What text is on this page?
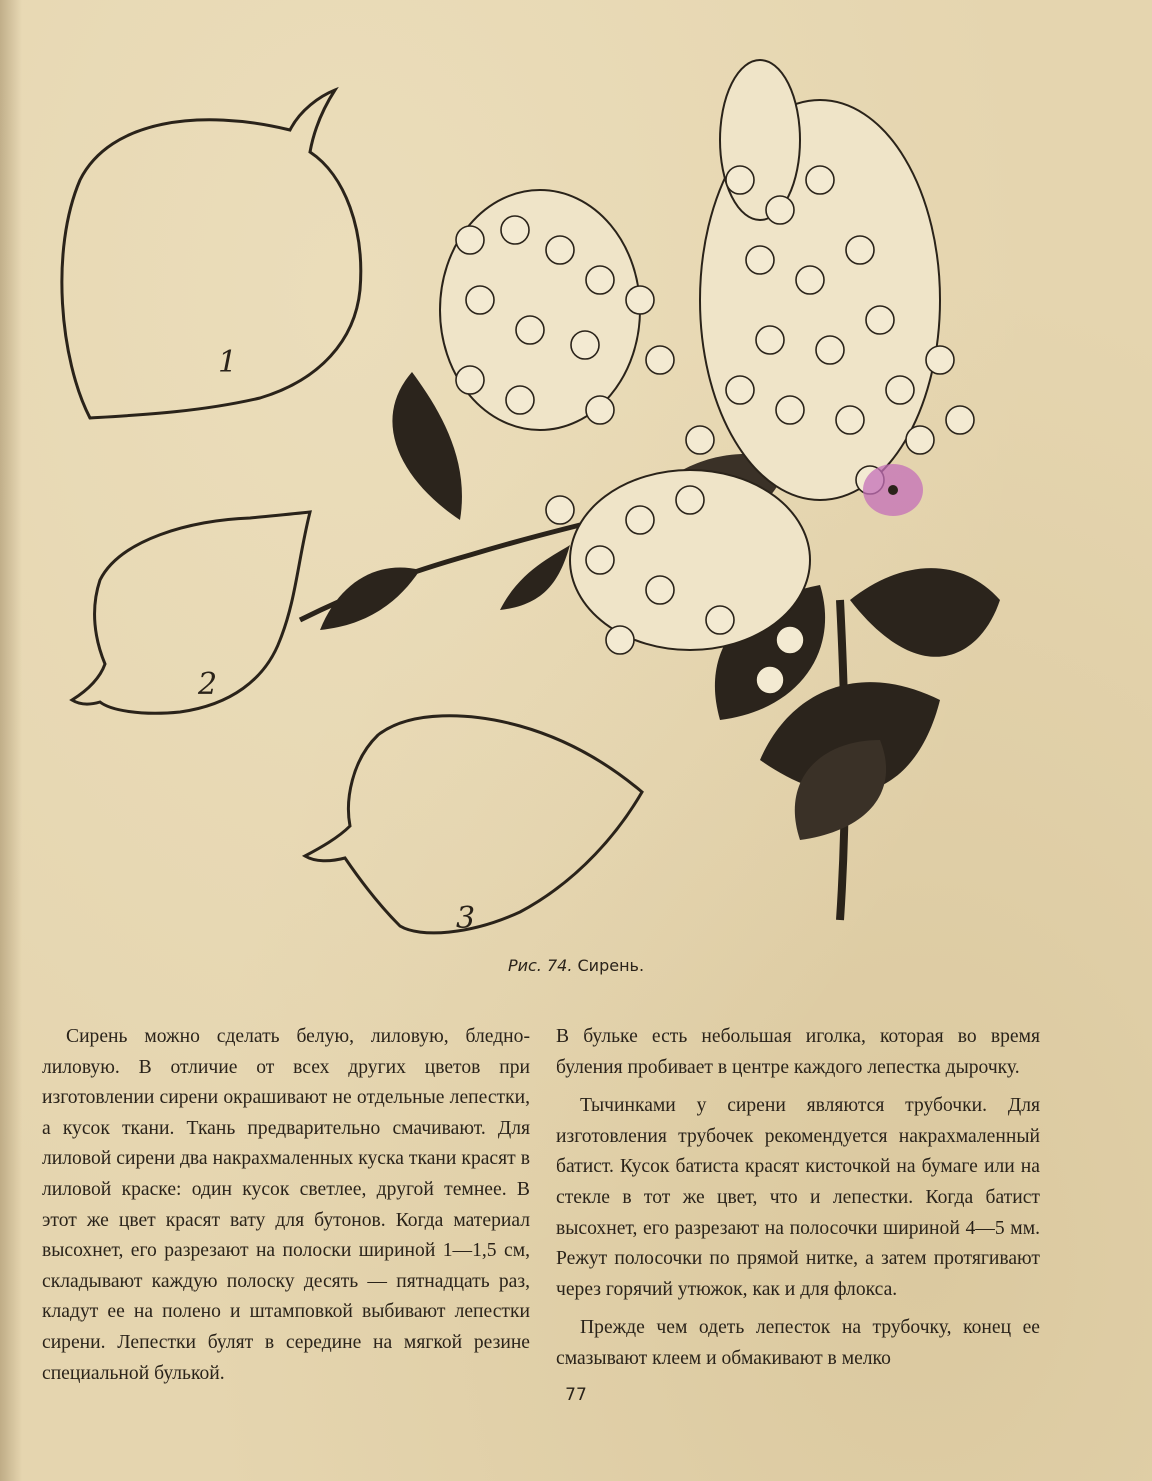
1
2
3
Рис. 74. Сирень.

Сирень можно сделать белую, лиловую, бледно-лиловую. В отличие от всех других цветов при изготовлении сирени окрашивают не отдельные лепестки, а кусок ткани. Ткань предварительно смачивают. Для лиловой сирени два накрахмаленных куска ткани красят в лиловой краске: один кусок светлее, другой темнее. В этот же цвет красят вату для бутонов. Когда материал высохнет, его разрезают на полоски шириной 1—1,5 см, складывают каждую полоску десять — пятнадцать раз, кладут ее на полено и штамповкой выбивают лепестки сирени. Лепестки булят в середине на мягкой резине специальной булькой.

В бульке есть небольшая иголка, которая во время буления пробивает в центре каждого лепестка дырочку.

Тычинками у сирени являются трубочки. Для изготовления трубочек рекомендуется накрахмаленный батист. Кусок батиста красят кисточкой на бумаге или на стекле в тот же цвет, что и лепестки. Когда батист высохнет, его разрезают на полосочки шириной 4—5 мм. Режут полосочки по прямой нитке, а затем протягивают через горячий утюжок, как и для флокса.

Прежде чем одеть лепесток на трубочку, конец ее смазывают клеем и обмакивают в мелко

77
